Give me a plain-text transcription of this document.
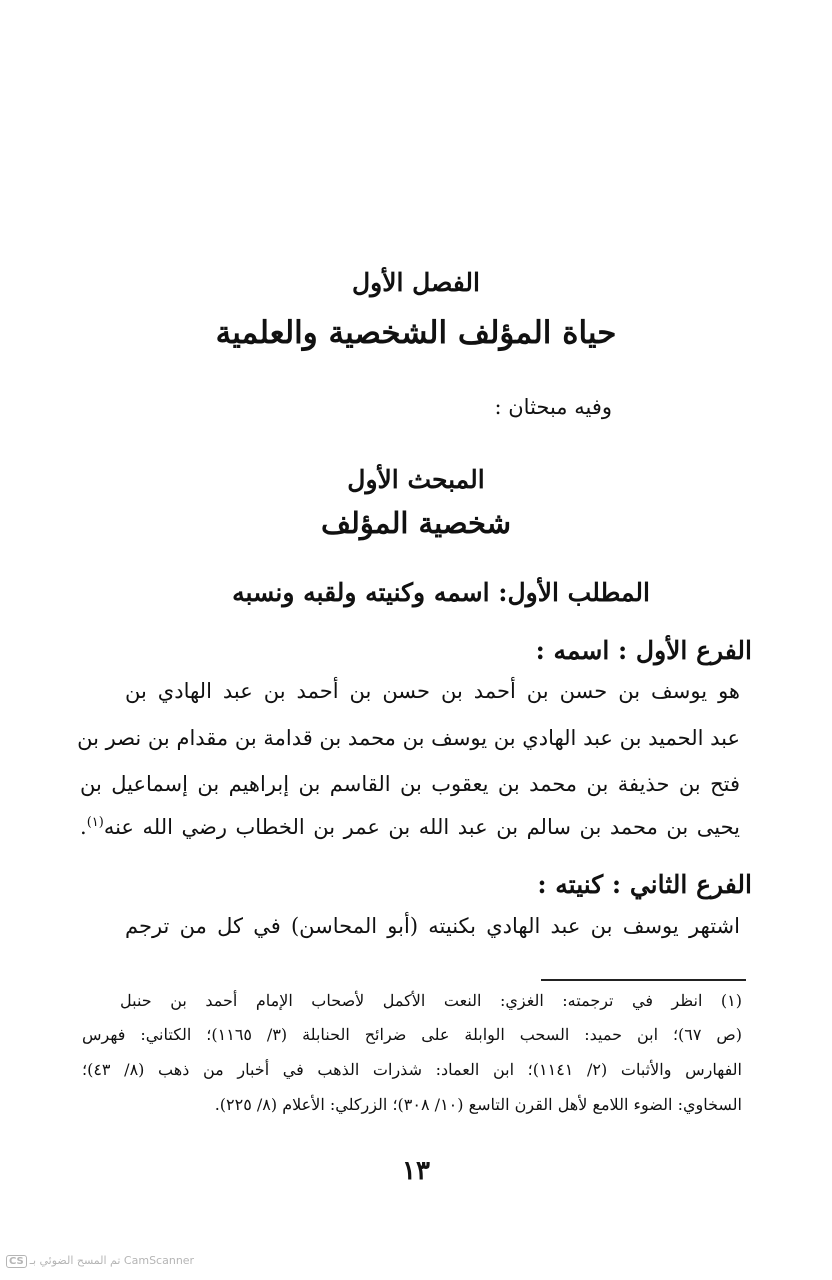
الفصل الأول
حياة المؤلف الشخصية والعلمية
وفيه مبحثان :
المبحث الأول
شخصية المؤلف
المطلب الأول: اسمه وكنيته ولقبه ونسبه
الفرع الأول : اسمه :
هو يوسف بن حسن بن أحمد بن حسن بن أحمد بن عبد الهادي بن
عبد الحميد بن عبد الهادي بن يوسف بن محمد بن قدامة بن مقدام بن نصر بن
فتح بن حذيفة بن محمد بن يعقوب بن القاسم بن إبراهيم بن إسماعيل بن
يحيى بن محمد بن سالم بن عبد الله بن عمر بن الخطاب رضي الله عنه$^{(١)}$.
الفرع الثاني : كنيته :
اشتهر يوسف بن عبد الهادي بكنيته (أبو المحاسن) في كل من ترجم
(١) انظر في ترجمته: الغزي: النعت الأكمل لأصحاب الإمام أحمد بن حنبل
(ص ٦٧)؛ ابن حميد: السحب الوابلة على ضرائح الحنابلة (٣/ ١١٦٥)؛ الكتاني: فهرس
الفهارس والأثبات (٢/ ١١٤١)؛ ابن العماد: شذرات الذهب في أخبار من ذهب (٨/ ٤٣)؛
السخاوي: الضوء اللامع لأهل القرن التاسع (١٠/ ٣٠٨)؛ الزركلي: الأعلام (٨/ ٢٢٥).
١٣
CS تم المسح الضوئي بـ CamScanner
